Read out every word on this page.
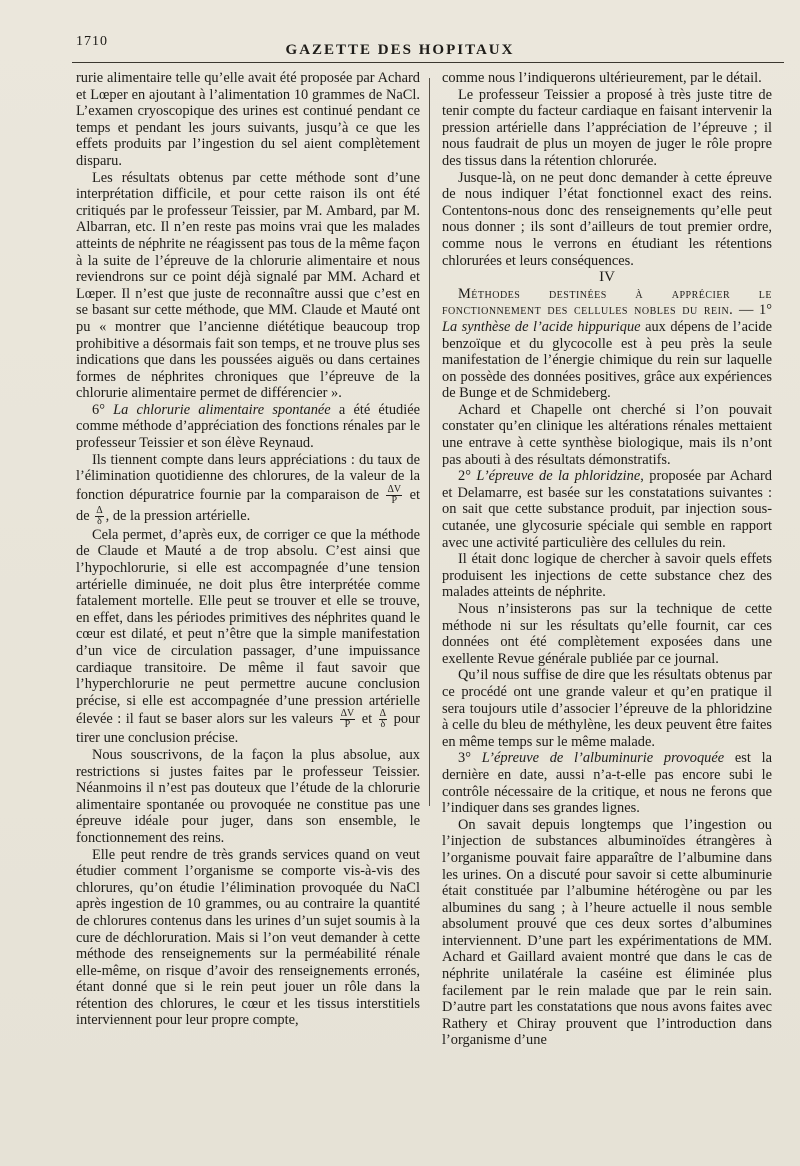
1710
GAZETTE DES HOPITAUX

rurie alimentaire telle qu’elle avait été proposée par Achard et Lœper en ajoutant à l’alimentation 10 grammes de NaCl. L’examen cryoscopique des urines est continué pendant ce temps et pendant les jours suivants, jusqu’à ce que les effets produits par l’ingestion du sel aient complètement disparu.

Les résultats obtenus par cette méthode sont d’une interprétation difficile, et pour cette raison ils ont été critiqués par le professeur Teissier, par M. Ambard, par M. Albarran, etc. Il n’en reste pas moins vrai que les malades atteints de néphrite ne réagissent pas tous de la même façon à la suite de l’épreuve de la chlorurie alimentaire et nous reviendrons sur ce point déjà signalé par MM. Achard et Lœper. Il n’est que juste de reconnaître aussi que c’est en se basant sur cette méthode, que MM. Claude et Mauté ont pu « montrer que l’ancienne diététique beaucoup trop prohibitive a désormais fait son temps, et ne trouve plus ses indications que dans les poussées aiguës ou dans certaines formes de néphrites chroniques que l’épreuve de la chlorurie alimentaire permet de différencier ».

6° La chlorurie alimentaire spontanée a été étudiée comme méthode d’appréciation des fonctions rénales par le professeur Teissier et son élève Reynaud.

Ils tiennent compte dans leurs appréciations : du taux de l’élimination quotidienne des chlorures, de la valeur de la fonction dépuratrice fournie par la comparaison de $\frac{\Delta V}{P}$ et de $\frac{\Delta}{\delta}$ , de la pression artérielle.

Cela permet, d’après eux, de corriger ce que la méthode de Claude et Mauté a de trop absolu. C’est ainsi que l’hypochlorurie, si elle est accompagnée d’une tension artérielle diminuée, ne doit plus être interprétée comme fatalement mortelle. Elle peut se trouver et elle se trouve, en effet, dans les périodes primitives des néphrites quand le cœur est dilaté, et peut n’être que la simple manifestation d’un vice de circulation passager, d’une impuissance cardiaque transitoire. De même il faut savoir que l’hyperchlorurie ne peut permettre aucune conclusion précise, si elle est accompagnée d’une pression artérielle élevée : il faut se baser alors sur les valeurs $\frac{\Delta V}{P}$ et $\frac{\Delta}{\delta}$ pour tirer une conclusion précise.

Nous souscrivons, de la façon la plus absolue, aux restrictions si justes faites par le professeur Teissier. Néanmoins il n’est pas douteux que l’étude de la chlorurie alimentaire spontanée ou provoquée ne constitue pas une épreuve idéale pour juger, dans son ensemble, le fonctionnement des reins.

Elle peut rendre de très grands services quand on veut étudier comment l’organisme se comporte vis-à-vis des chlorures, qu’on étudie l’élimination provoquée du NaCl après ingestion de 10 grammes, ou au contraire la quantité de chlorures contenus dans les urines d’un sujet soumis à la cure de déchloruration. Mais si l’on veut demander à cette méthode des renseignements sur la perméabilité rénale elle-même, on risque d’avoir des renseignements erronés, étant donné que si le rein peut jouer un rôle dans la rétention des chlorures, le cœur et les tissus interstitiels interviennent pour leur propre compte,

comme nous l’indiquerons ultérieurement, par le détail.

Le professeur Teissier a proposé à très juste titre de tenir compte du facteur cardiaque en faisant intervenir la pression artérielle dans l’appréciation de l’épreuve ; il nous faudrait de plus un moyen de juger le rôle propre des tissus dans la rétention chlorurée.

Jusque-là, on ne peut donc demander à cette épreuve de nous indiquer l’état fonctionnel exact des reins. Contentons-nous donc des renseignements qu’elle peut nous donner ; ils sont d’ailleurs de tout premier ordre, comme nous le verrons en étudiant les rétentions chlorurées et leurs conséquences.

IV

Méthodes destinées à apprécier le fonctionnement des cellules nobles du rein. — 1° La synthèse de l’acide hippurique aux dépens de l’acide benzoïque et du glycocolle est à peu près la seule manifestation de l’énergie chimique du rein sur laquelle on possède des données positives, grâce aux expériences de Bunge et de Schmideberg.

Achard et Chapelle ont cherché si l’on pouvait constater qu’en clinique les altérations rénales mettaient une entrave à cette synthèse biologique, mais ils n’ont pas abouti à des résultats démonstratifs.

2° L’épreuve de la phloridzine, proposée par Achard et Delamarre, est basée sur les constatations suivantes : on sait que cette substance produit, par injection sous-cutanée, une glycosurie spéciale qui semble en rapport avec une activité particulière des cellules du rein.

Il était donc logique de chercher à savoir quels effets produisent les injections de cette substance chez des malades atteints de néphrite.

Nous n’insisterons pas sur la technique de cette méthode ni sur les résultats qu’elle fournit, car ces données ont été complètement exposées dans une exellente Revue générale publiée par ce journal.

Qu’il nous suffise de dire que les résultats obtenus par ce procédé ont une grande valeur et qu’en pratique il sera toujours utile d’associer l’épreuve de la phloridzine à celle du bleu de méthylène, les deux peuvent être faites en même temps sur le même malade.

3° L’épreuve de l’albuminurie provoquée est la dernière en date, aussi n’a-t-elle pas encore subi le contrôle nécessaire de la critique, et nous ne ferons que l’indiquer dans ses grandes lignes.

On savait depuis longtemps que l’ingestion ou l’injection de substances albuminoïdes étrangères à l’organisme pouvait faire apparaître de l’albumine dans les urines. On a discuté pour savoir si cette albuminurie était constituée par l’albumine hétérogène ou par les albumines du sang ; à l’heure actuelle il nous semble absolument prouvé que ces deux sortes d’albumines interviennent. D’une part les expérimentations de MM. Achard et Gaillard avaient montré que dans le cas de néphrite unilatérale la caséine est éliminée plus facilement par le rein malade que par le rein sain. D’autre part les constatations que nous avons faites avec Rathery et Chiray prouvent que l’introduction dans l’organisme d’une
